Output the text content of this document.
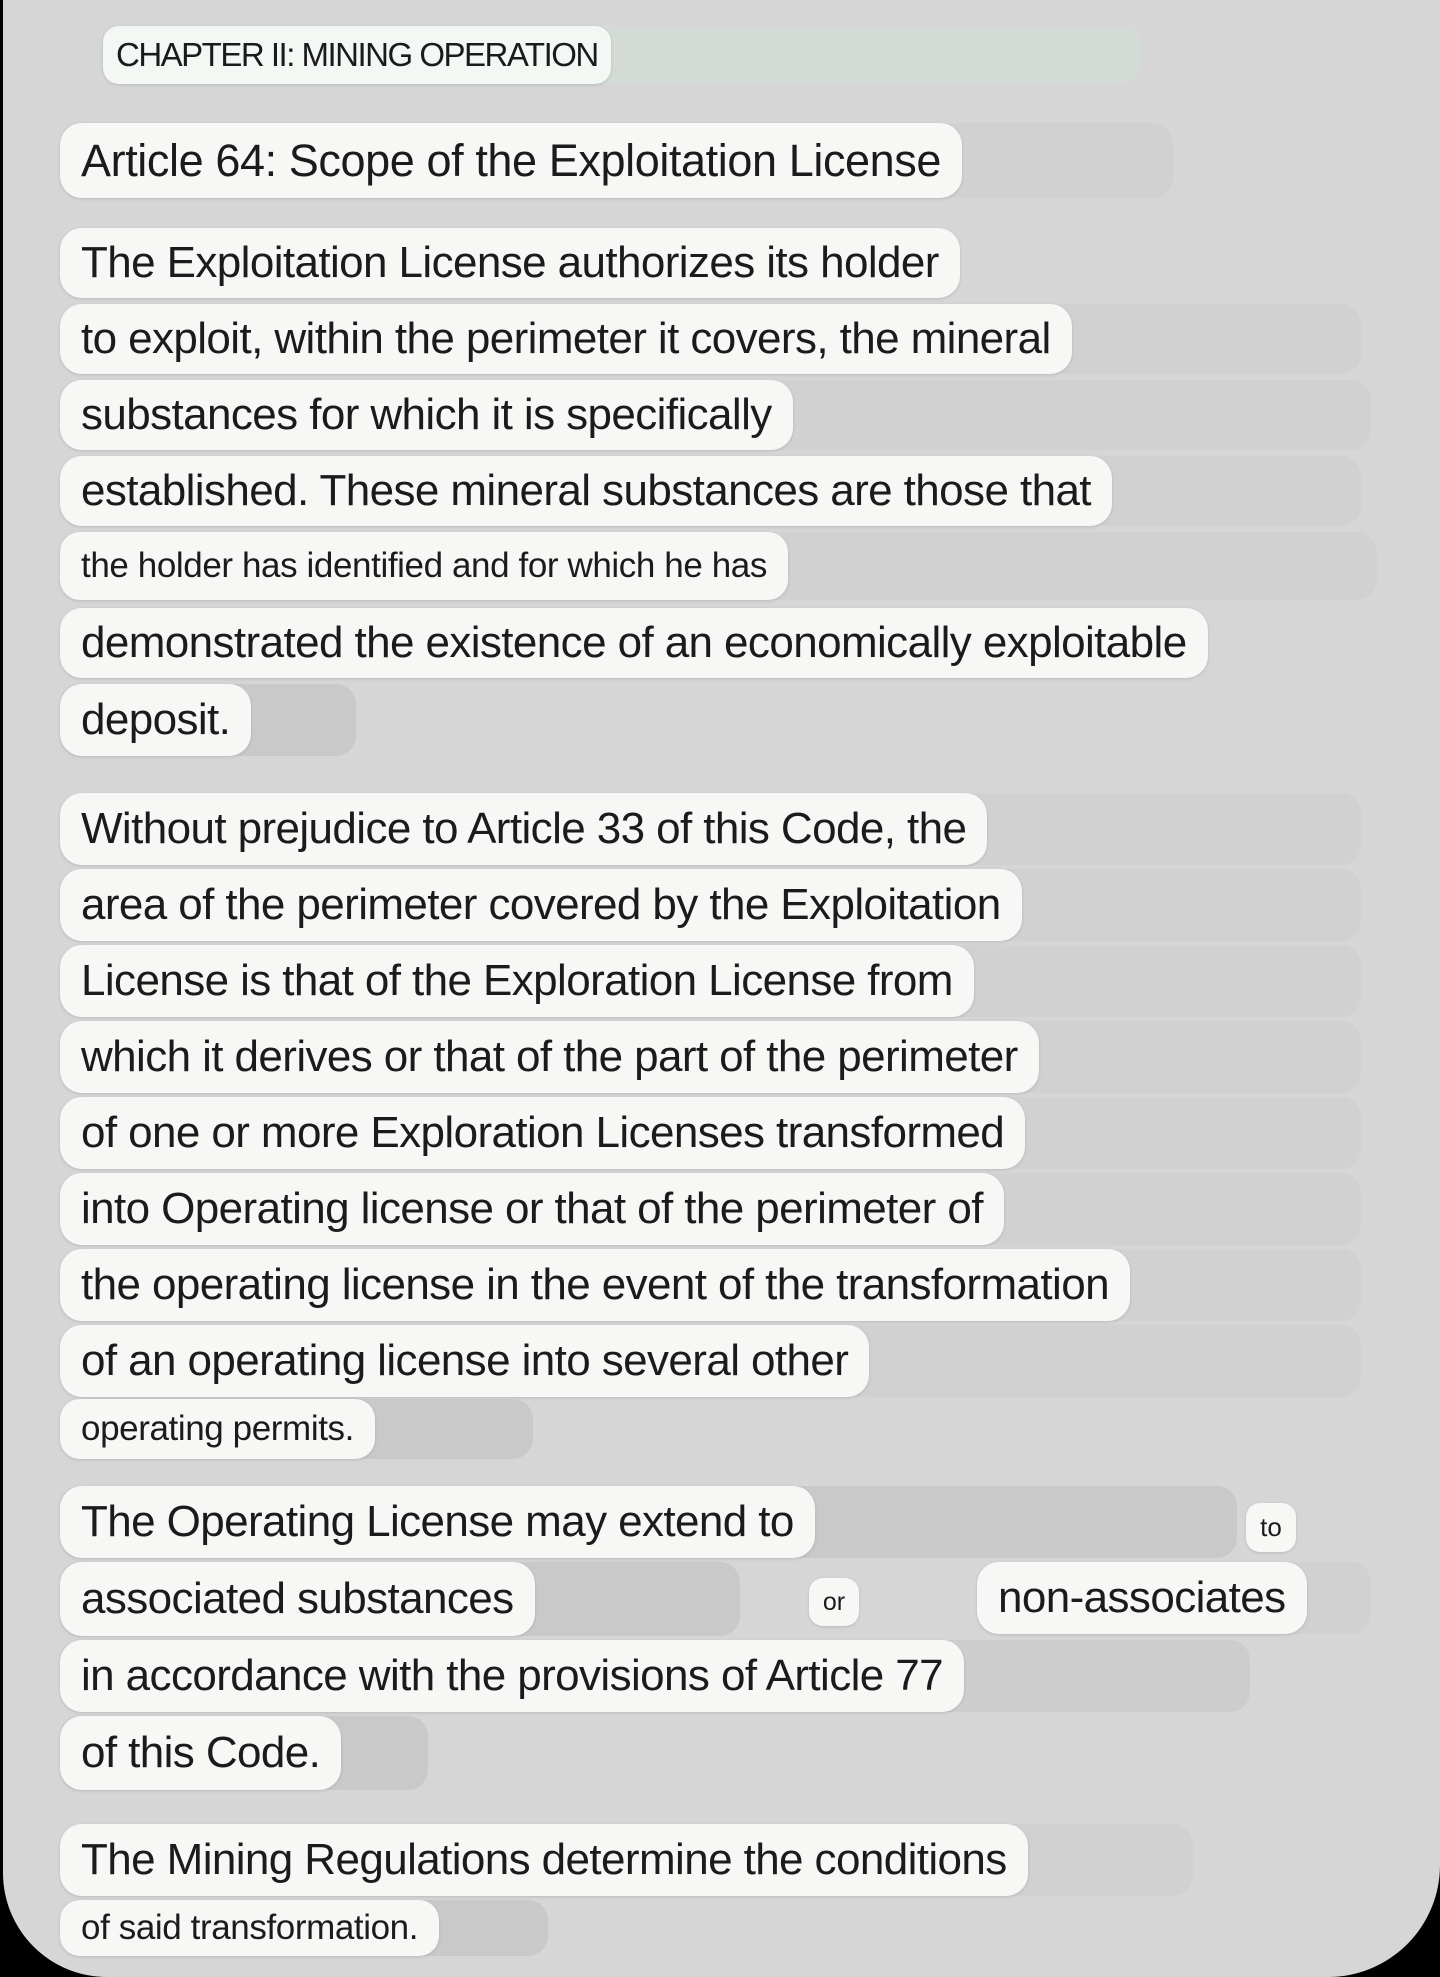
CHAPTER II: MINING OPERATION
Article 64: Scope of the Exploitation License
The Exploitation License authorizes its holder
to exploit, within the perimeter it covers, the mineral
substances for which it is specifically
established. These mineral substances are those that
the holder has identified and for which he has
demonstrated the existence of an economically exploitable
deposit.
Without prejudice to Article 33 of this Code, the
area of the perimeter covered by the Exploitation
License is that of the Exploration License from
which it derives or that of the part of the perimeter
of one or more Exploration Licenses transformed
into Operating license or that of the perimeter of
the operating license in the event of the transformation
of an operating license into several other
operating permits.
The Operating License may extend to	to
associated substances	or	non-associates
in accordance with the provisions of Article 77
of this Code.
The Mining Regulations determine the conditions
of said transformation.
